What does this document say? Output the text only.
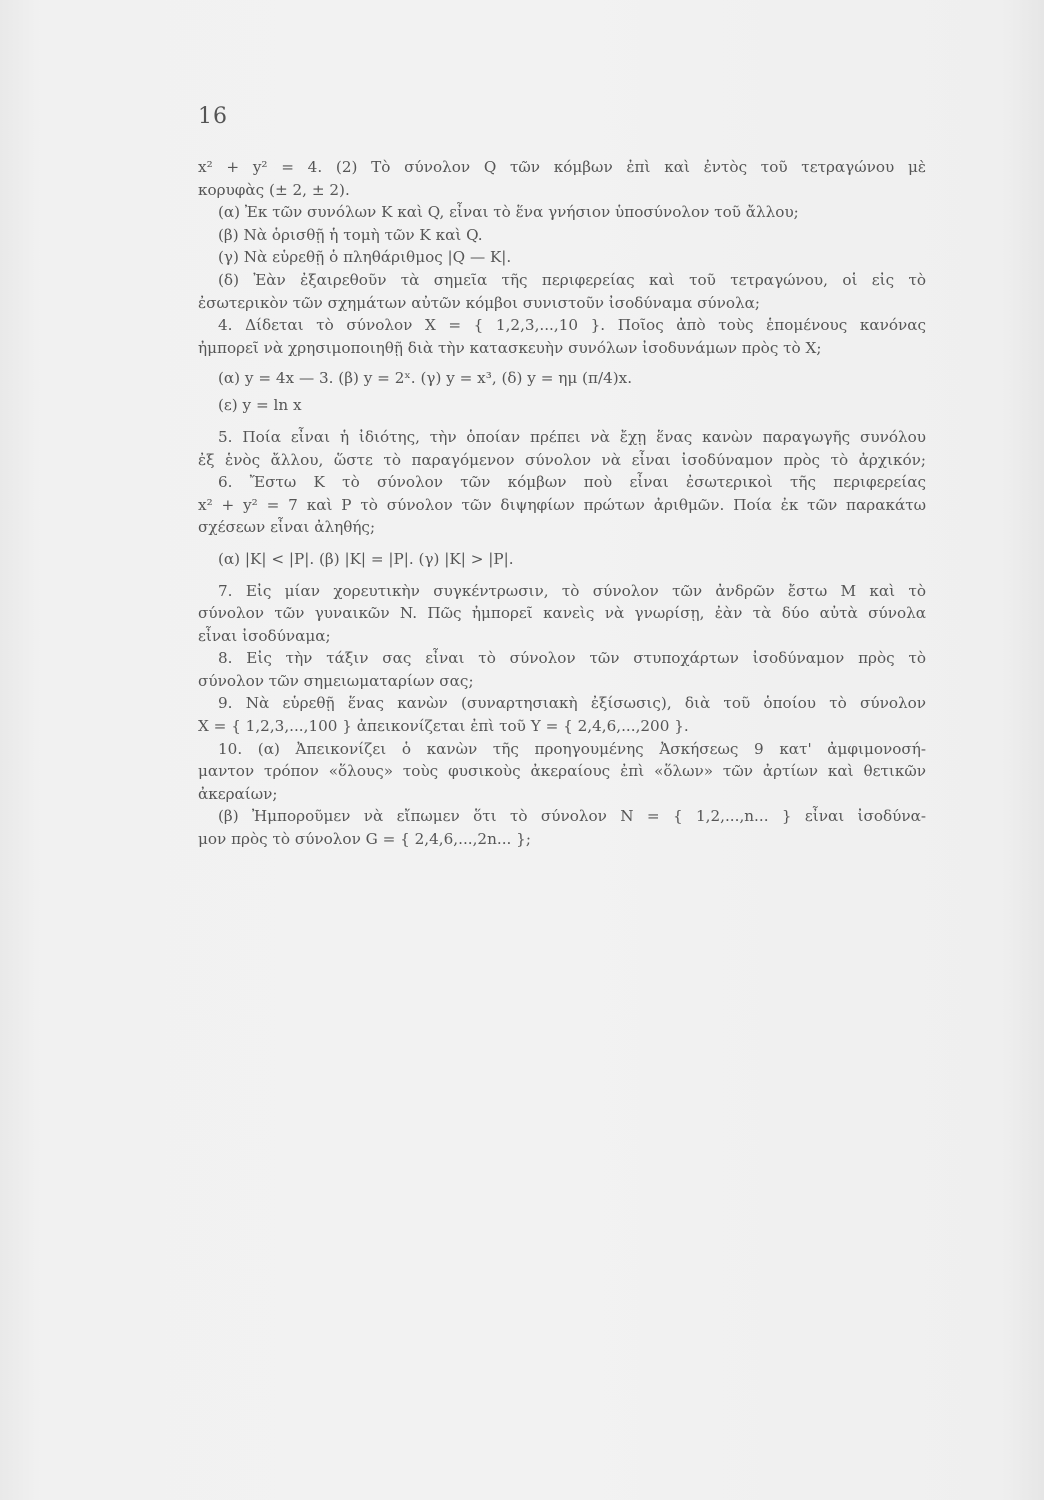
16
x² + y² = 4. (2) Τὸ σύνολον Q τῶν κόμβων ἐπὶ καὶ ἐντὸς τοῦ τετραγώνου μὲ
κορυφὰς (± 2, ± 2).
(α) Ἐκ τῶν συνόλων K καὶ Q, εἶναι τὸ ἕνα γνήσιον ὑποσύνολον τοῦ ἄλλου;
(β) Νὰ ὁρισθῇ ἡ τομὴ τῶν K καὶ Q.
(γ) Νὰ εὑρεθῇ ὁ πληθάριθμος |Q — K|.
(δ) Ἐὰν ἐξαιρεθοῦν τὰ σημεῖα τῆς περιφερείας καὶ τοῦ τετραγώνου, οἱ εἰς τὸ
ἐσωτερικὸν τῶν σχημάτων αὐτῶν κόμβοι συνιστοῦν ἰσοδύναμα σύνολα;
4. Δίδεται τὸ σύνολον X = { 1,2,3,...,10 }. Ποῖος ἀπὸ τοὺς ἑπομένους κανόνας
ἠμπορεῖ νὰ χρησιμοποιηθῇ διὰ τὴν κατασκευὴν συνόλων ἰσοδυνάμων πρὸς τὸ X;
(α) y = 4x — 3. (β) y = 2ˣ. (γ) y = x³, (δ) y = ημ (π/4)x.
(ε) y = ln x
5. Ποία εἶναι ἡ ἰδιότης, τὴν ὁποίαν πρέπει νὰ ἔχῃ ἕνας κανὼν παραγωγῆς συνόλου
ἐξ ἑνὸς ἄλλου, ὥστε τὸ παραγόμενον σύνολον νὰ εἶναι ἰσοδύναμον πρὸς τὸ ἀρχικόν;
6. Ἔστω K τὸ σύνολον τῶν κόμβων ποὺ εἶναι ἐσωτερικοὶ τῆς περιφερείας
x² + y² = 7 καὶ P τὸ σύνολον τῶν διψηφίων πρώτων ἀριθμῶν. Ποία ἐκ τῶν παρακάτω
σχέσεων εἶναι ἀληθής;
(α) |K| < |P|. (β) |K| = |P|. (γ) |K| > |P|.
7. Εἰς μίαν χορευτικὴν συγκέντρωσιν, τὸ σύνολον τῶν ἀνδρῶν ἔστω M καὶ τὸ
σύνολον τῶν γυναικῶν N. Πῶς ἠμπορεῖ κανεὶς νὰ γνωρίσῃ, ἐὰν τὰ δύο αὐτὰ σύνολα
εἶναι ἰσοδύναμα;
8. Εἰς τὴν τάξιν σας εἶναι τὸ σύνολον τῶν στυποχάρτων ἰσοδύναμον πρὸς τὸ
σύνολον τῶν σημειωματαρίων σας;
9. Νὰ εὑρεθῇ ἕνας κανὼν (συναρτησιακὴ ἐξίσωσις), διὰ τοῦ ὁποίου τὸ σύνολον
X = { 1,2,3,...,100 } ἀπεικονίζεται ἐπὶ τοῦ Y = { 2,4,6,...,200 }.
10. (α) Ἀπεικονίζει ὁ κανὼν τῆς προηγουμένης Ἀσκήσεως 9 κατ' ἀμφιμονοσή-
μαντον τρόπον «ὅλους» τοὺς φυσικοὺς ἀκεραίους ἐπὶ «ὅλων» τῶν ἀρτίων καὶ θετικῶν
ἀκεραίων;
(β) Ἠμποροῦμεν νὰ εἴπωμεν ὅτι τὸ σύνολον N = { 1,2,...,n... } εἶναι ἰσοδύνα-
μον πρὸς τὸ σύνολον G = { 2,4,6,...,2n... };
